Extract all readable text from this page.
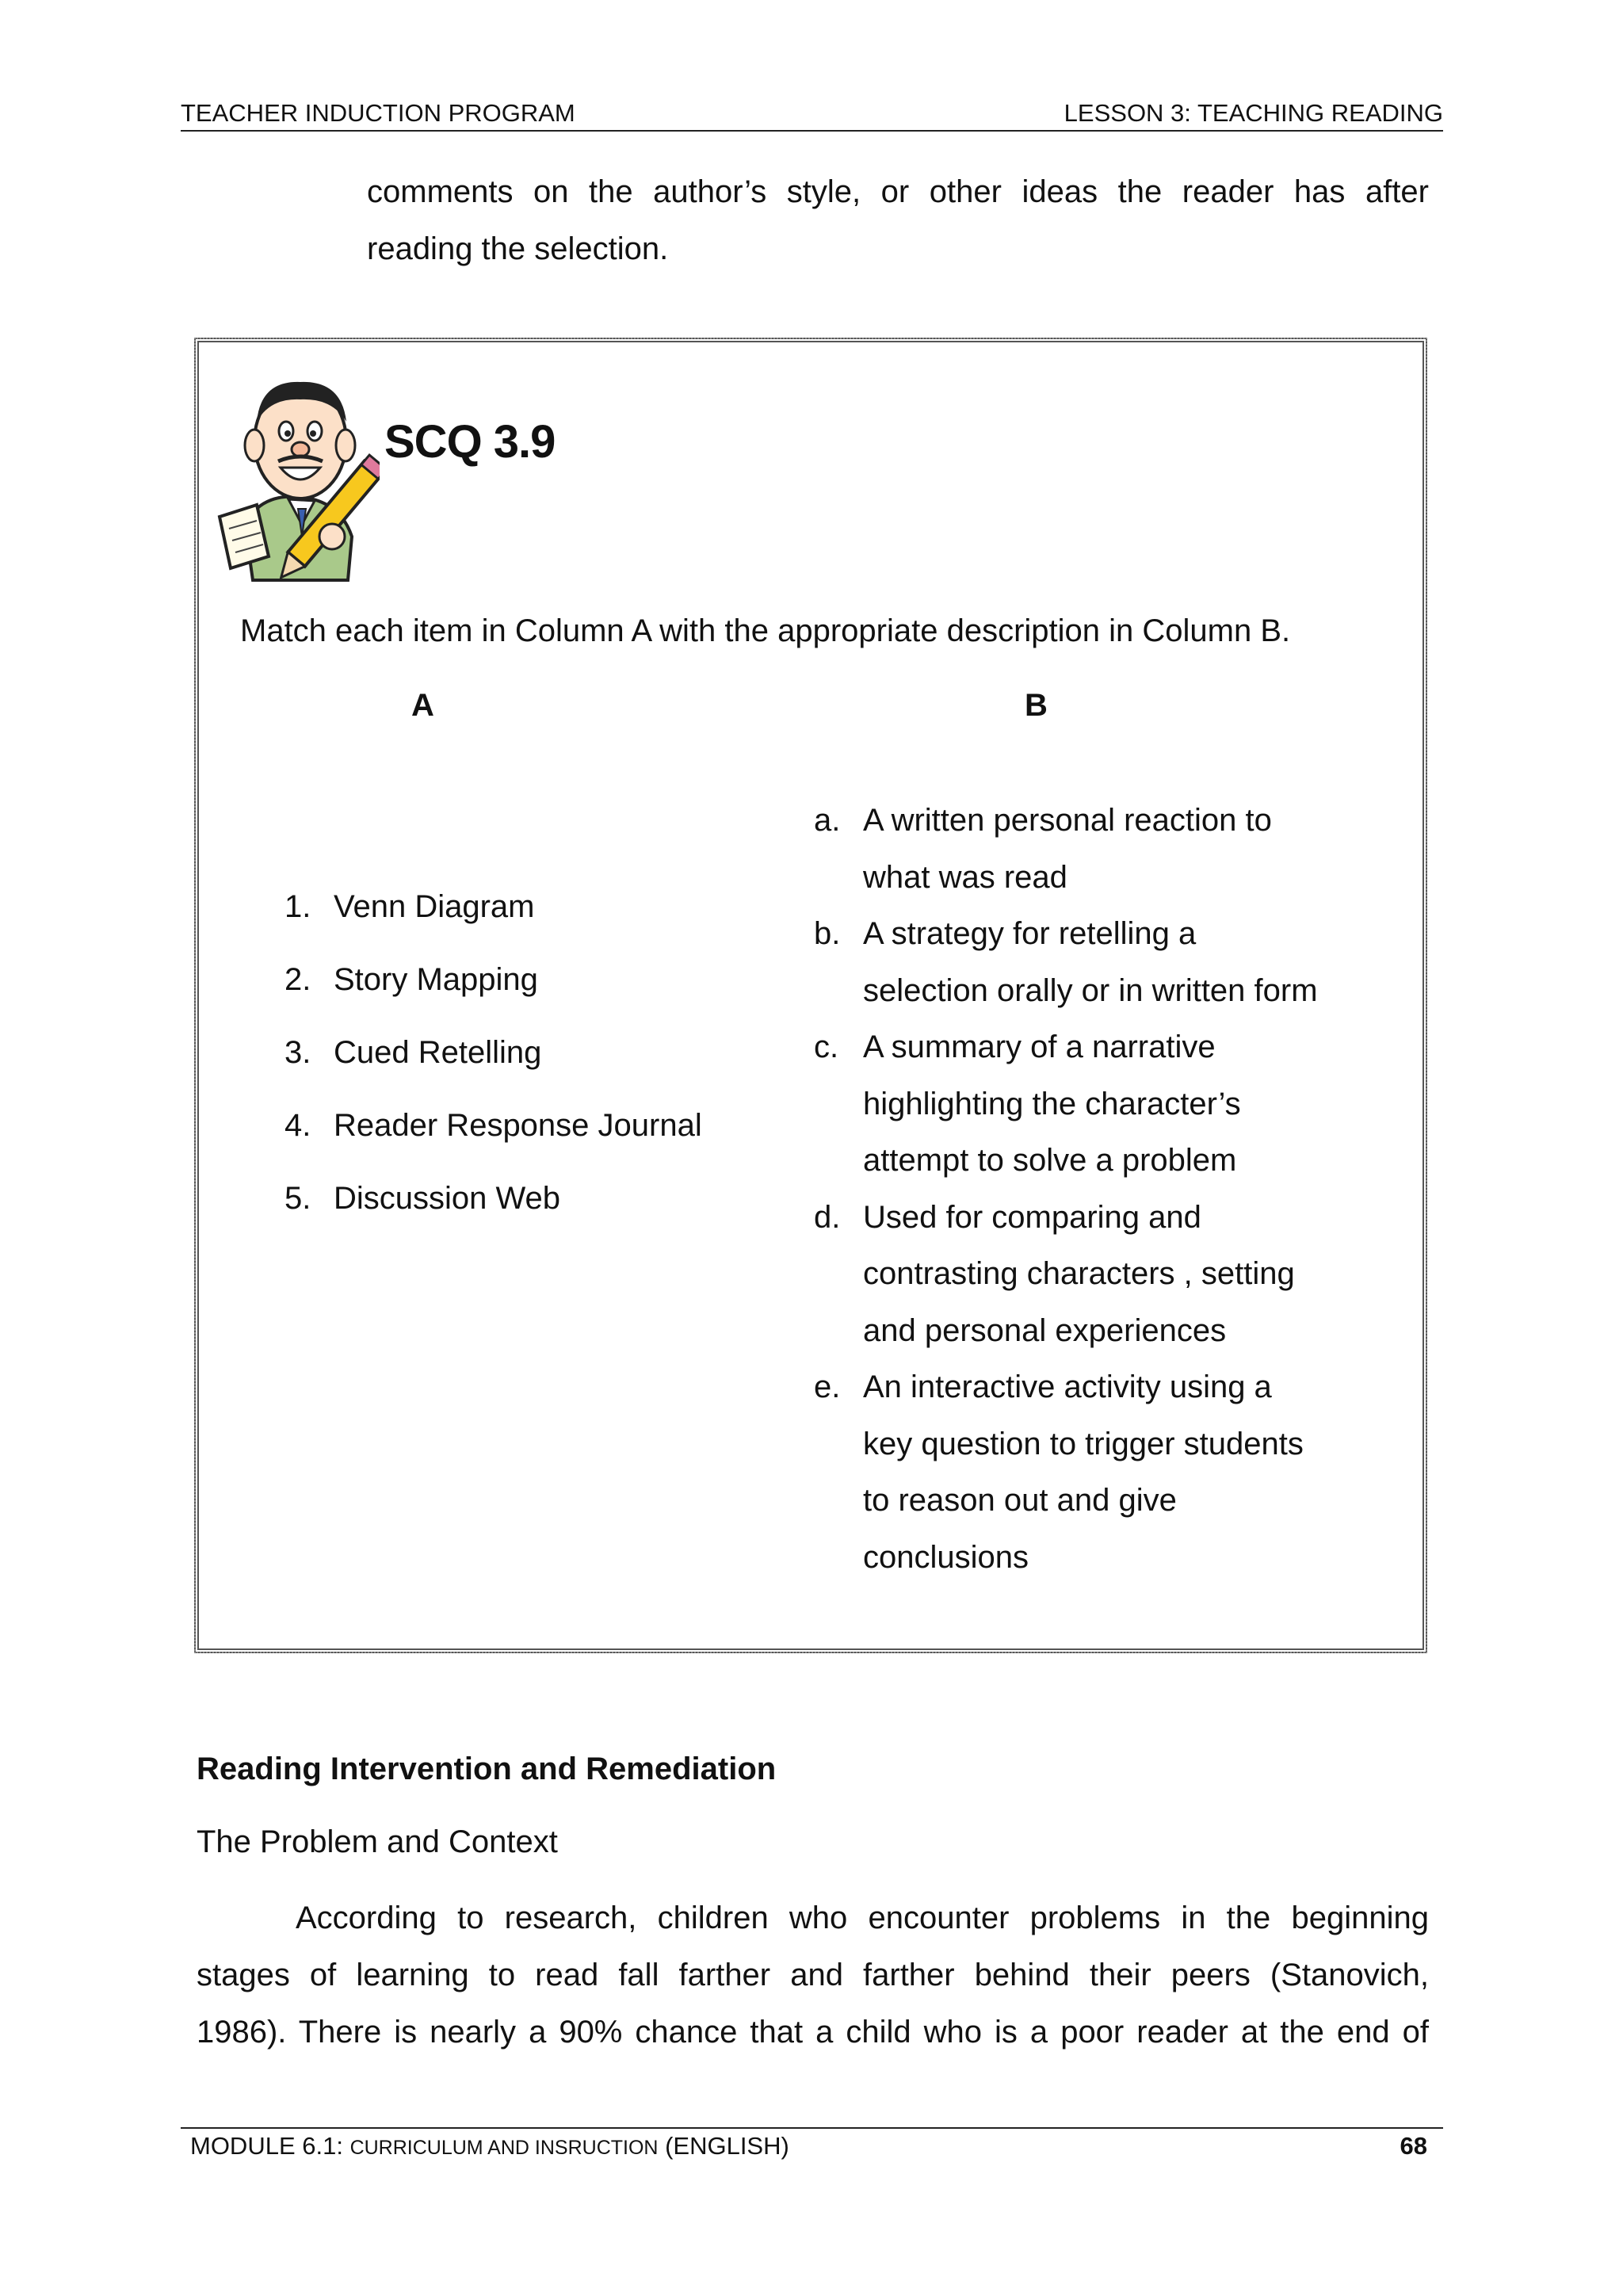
TEACHER INDUCTION PROGRAM	LESSON 3: TEACHING READING
comments on the author’s style, or other ideas the reader has after
reading the selection.
SCQ 3.9
Match each item in Column A with the appropriate description in Column B.
A	B
1. Venn Diagram
2. Story Mapping
3. Cued Retelling
4. Reader Response Journal
5. Discussion Web
a. A written personal reaction to
what was read
b. A strategy for retelling a
selection orally or in written form
c. A summary of a narrative
highlighting the character’s
attempt to solve a problem
d. Used for comparing and
contrasting characters , setting
and personal experiences
e. An interactive activity using a
key question to trigger students
to reason out and give
conclusions
Reading Intervention and Remediation
The Problem and Context
According to research, children who encounter problems in the beginning
stages of learning to read fall farther and farther behind their peers (Stanovich,
1986). There is nearly a 90% chance that a child who is a poor reader at the end of
MODULE 6.1: CURRICULUM AND INSRUCTION (ENGLISH)	68
